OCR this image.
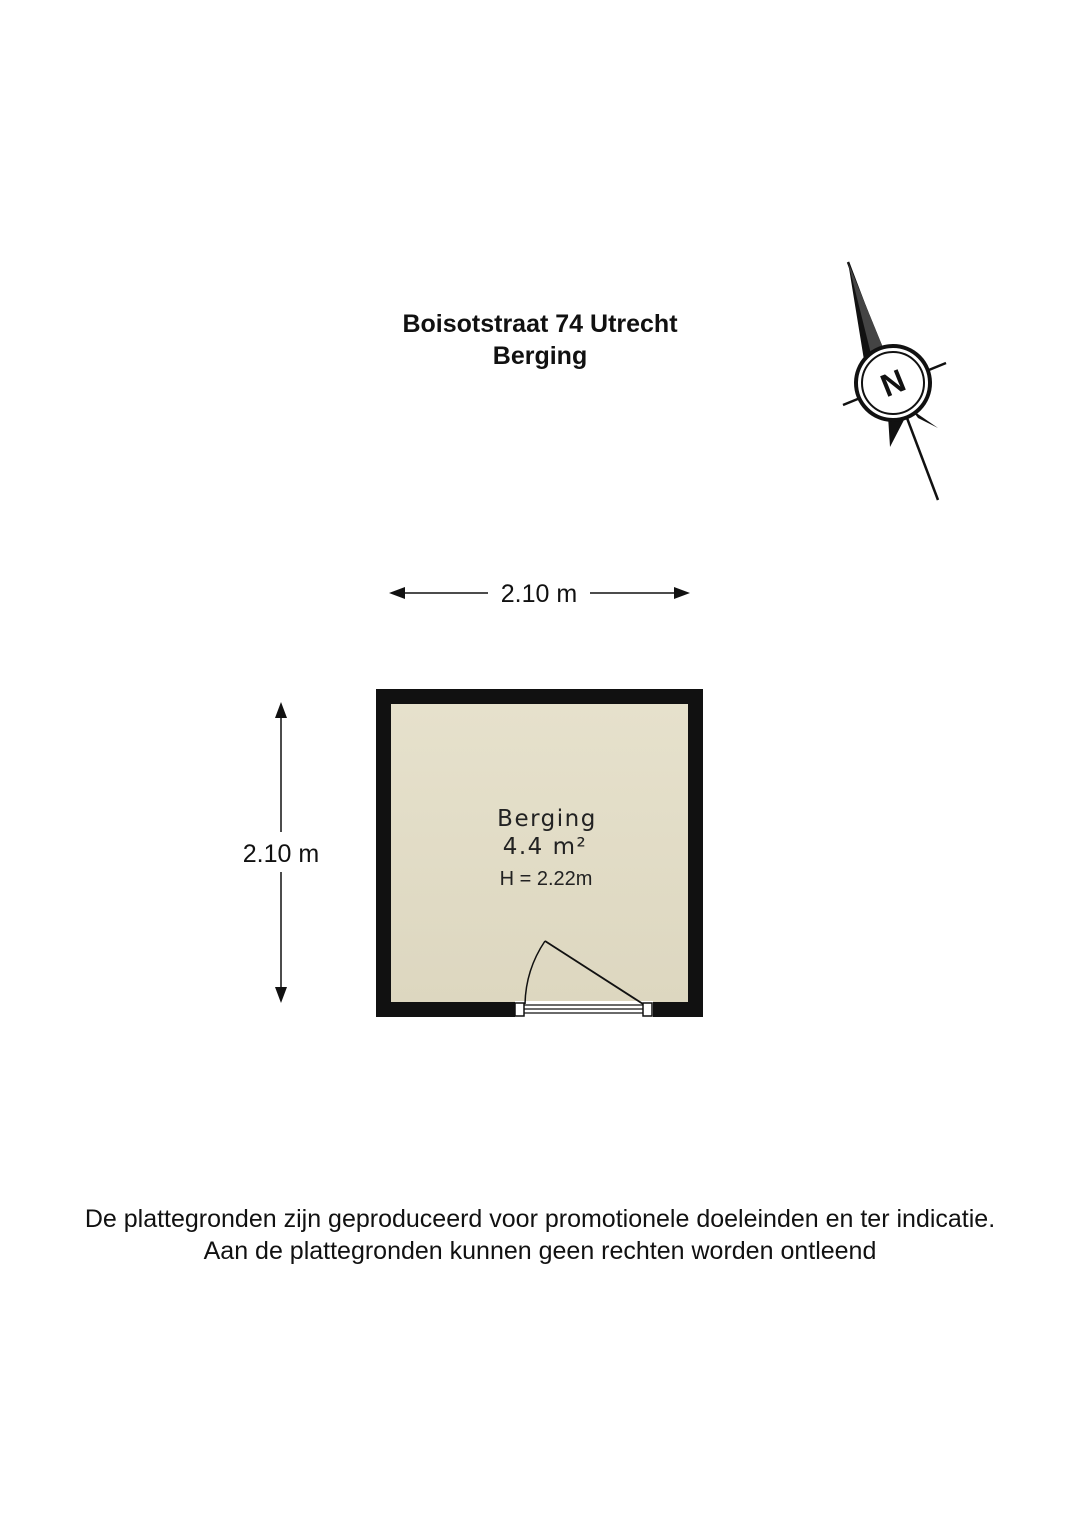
Boisotstraat 74 Utrecht
Berging
N
2.10 m
2.10 m
Berging
4.4 m²
H = 2.22m
De plattegronden zijn geproduceerd voor promotionele doeleinden en ter indicatie.
Aan de plattegronden kunnen geen rechten worden ontleend
